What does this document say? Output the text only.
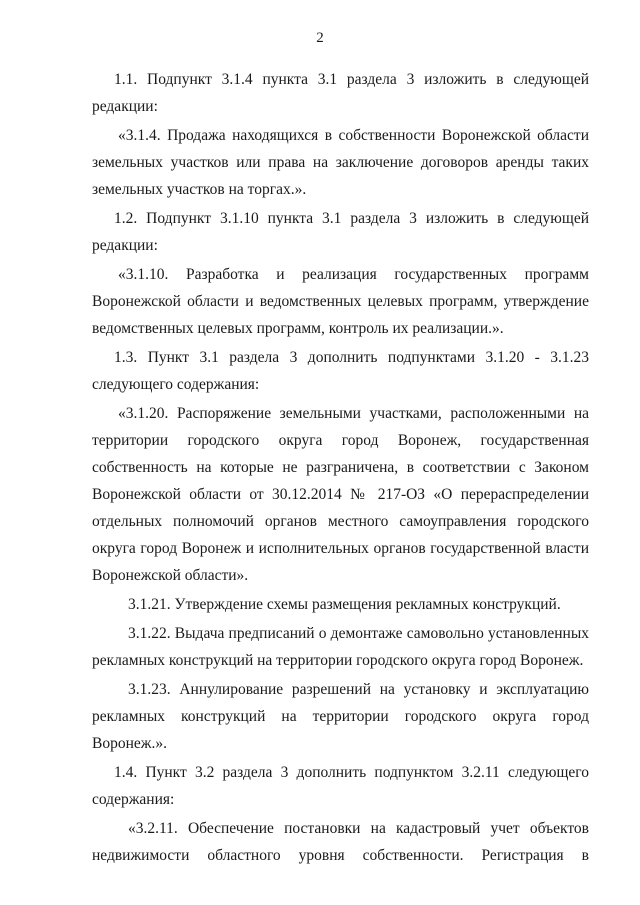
2

1.1. Подпункт 3.1.4 пункта 3.1 раздела 3 изложить в следующей редакции:

«3.1.4. Продажа находящихся в собственности Воронежской области земельных участков или права на заключение договоров аренды таких земельных участков на торгах.».

1.2. Подпункт 3.1.10 пункта 3.1 раздела 3 изложить в следующей редакции:

«3.1.10. Разработка и реализация государственных программ Воронежской области и ведомственных целевых программ, утверждение ведомственных целевых программ, контроль их реализации.».

1.3. Пункт 3.1 раздела 3 дополнить подпунктами 3.1.20 - 3.1.23 следующего содержания:

«3.1.20. Распоряжение земельными участками, расположенными на территории городского округа город Воронеж, государственная собственность на которые не разграничена, в соответствии с Законом Воронежской области от 30.12.2014 № 217-ОЗ «О перераспределении отдельных полномочий органов местного самоуправления городского округа город Воронеж и исполнительных органов государственной власти Воронежской области».

3.1.21. Утверждение схемы размещения рекламных конструкций.

3.1.22. Выдача предписаний о демонтаже самовольно установленных рекламных конструкций на территории городского округа город Воронеж.

3.1.23. Аннулирование разрешений на установку и эксплуатацию рекламных конструкций на территории городского округа город Воронеж.».

1.4. Пункт 3.2 раздела 3 дополнить подпунктом 3.2.11 следующего содержания:

«3.2.11. Обеспечение постановки на кадастровый учет объектов недвижимости областного уровня собственности. Регистрация в
